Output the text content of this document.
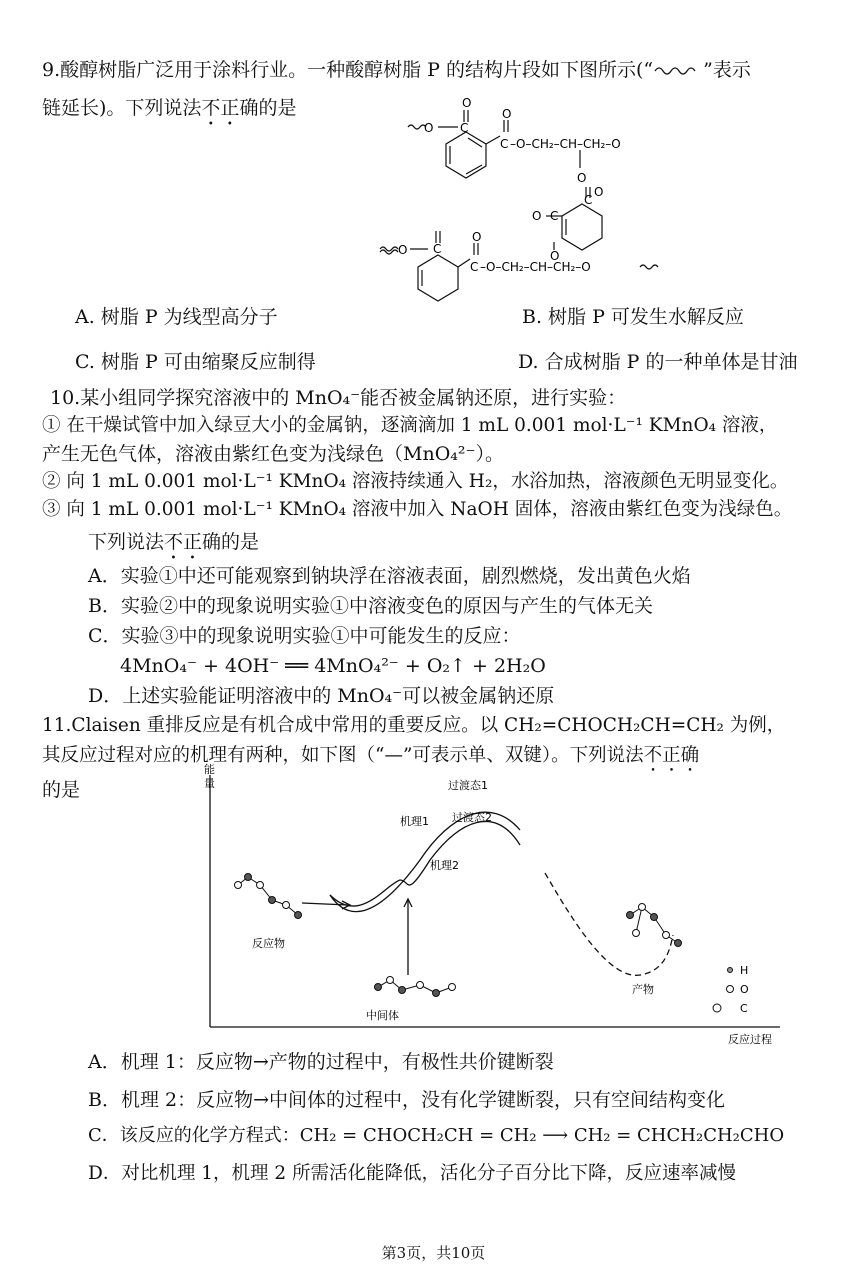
9.酸醇树脂广泛用于涂料行业。一种酸醇树脂 P 的结构片段如下图所示(“	”表示
链延长)。下列说法不正确的是
O
O
C
O
C –O–CH₂–CH–CH₂–O
O
C
O
O C
O
O C
O
C –O–CH₂–CH–CH₂–O
A. 树脂 P 为线型高分子	B. 树脂 P 可发生水解反应
C. 树脂 P 可由缩聚反应制得	D. 合成树脂 P 的一种单体是甘油
10.某小组同学探究溶液中的 MnO₄⁻能否被金属钠还原，进行实验：
① 在干燥试管中加入绿豆大小的金属钠，逐滴滴加 1 mL 0.001 mol·L⁻¹ KMnO₄ 溶液，
产生无色气体，溶液由紫红色变为浅绿色（MnO₄²⁻）。
② 向 1 mL 0.001 mol·L⁻¹ KMnO₄ 溶液持续通入 H₂，水浴加热，溶液颜色无明显变化。
③ 向 1 mL 0.001 mol·L⁻¹ KMnO₄ 溶液中加入 NaOH 固体，溶液由紫红色变为浅绿色。
下列说法不正确的是
A．实验①中还可能观察到钠块浮在溶液表面，剧烈燃烧，发出黄色火焰
B．实验②中的现象说明实验①中溶液变色的原因与产生的气体无关
C．实验③中的现象说明实验①中可能发生的反应：
4MnO₄⁻ + 4OH⁻ ══ 4MnO₄²⁻ + O₂↑ + 2H₂O
D．上述实验能证明溶液中的 MnO₄⁻可以被金属钠还原
11.Claisen 重排反应是有机合成中常用的重要反应。以 CH₂=CHOCH₂CH=CH₂ 为例，
其反应过程对应的机理有两种，如下图（“—”可表示单、双键）。下列说法不正确
的是
能
量
反应过程
过渡态1
过渡态2
机理1
机理2
反应物
中间体
产物
H
O
C
A．机理 1：反应物→产物的过程中，有极性共价键断裂
B．机理 2：反应物→中间体的过程中，没有化学键断裂，只有空间结构变化
C．该反应的化学方程式：CH₂ = CHOCH₂CH = CH₂ ⟶ CH₂ = CHCH₂CH₂CHO
D．对比机理 1，机理 2 所需活化能降低，活化分子百分比下降，反应速率减慢
第3页，共10页
